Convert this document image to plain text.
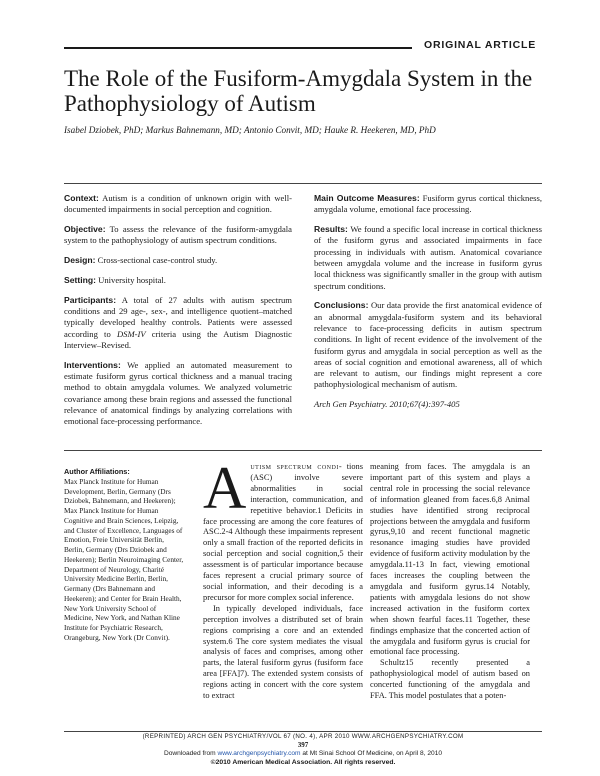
ORIGINAL ARTICLE
The Role of the Fusiform-Amygdala System in the Pathophysiology of Autism
Isabel Dziobek, PhD; Markus Bahnemann, MD; Antonio Convit, MD; Hauke R. Heekeren, MD, PhD

Context: Autism is a condition of unknown origin with well-documented impairments in social perception and cognition.

Objective: To assess the relevance of the fusiform-amygdala system to the pathophysiology of autism spectrum conditions.

Design: Cross-sectional case-control study.

Setting: University hospital.

Participants: A total of 27 adults with autism spectrum conditions and 29 age-, sex-, and intelligence quotient–matched typically developed healthy controls. Patients were assessed according to DSM-IV criteria using the Autism Diagnostic Interview–Revised.

Interventions: We applied an automated measurement to estimate fusiform gyrus cortical thickness and a manual tracing method to obtain amygdala volumes. We analyzed volumetric covariance among these brain regions and assessed the functional relevance of anatomical findings by analyzing correlations with emotional face-processing performance.

Main Outcome Measures: Fusiform gyrus cortical thickness, amygdala volume, emotional face processing.

Results: We found a specific local increase in cortical thickness of the fusiform gyrus and associated impairments in face processing in individuals with autism. Anatomical covariance between amygdala volume and the increase in fusiform gyrus local thickness was significantly smaller in the group with autism spectrum conditions.

Conclusions: Our data provide the first anatomical evidence of an abnormal amygdala-fusiform system and its behavioral relevance to face-processing deficits in autism spectrum conditions. In light of recent evidence of the involvement of the fusiform gyrus and amygdala in social perception as well as the areas of social cognition and emotional awareness, all of which are relevant to autism, our findings might represent a core pathophysiological mechanism of autism.

Arch Gen Psychiatry. 2010;67(4):397-405

Author Affiliations:
Max Planck Institute for Human Development, Berlin, Germany (Drs Dziobek, Bahnemann, and Heekeren); Max Planck Institute for Human Cognitive and Brain Sciences, Leipzig, and Cluster of Excellence, Languages of Emotion, Freie Universität Berlin, Berlin, Germany (Drs Dziobek and Heekeren); Berlin Neuroimaging Center, Department of Neurology, Charité University Medicine Berlin, Berlin, Germany (Drs Bahnemann and Heekeren); and Center for Brain Health, New York University School of Medicine, New York, and Nathan Kline Institute for Psychiatric Research, Orangeburg, New York (Dr Convit).

Autism spectrum condi- tions (ASC) involve severe abnormalities in social interaction, communication, and repetitive behavior.1 Deficits in face processing are among the core features of ASC.2-4 Although these impairments represent only a small fraction of the reported deficits in social perception and social cognition,5 their assessment is of particular importance because faces represent a crucial primary source of social information, and their decoding is a precursor for more complex social inference.

In typically developed individuals, face perception involves a distributed set of brain regions comprising a core and an extended system.6 The core system mediates the visual analysis of faces and comprises, among other parts, the lateral fusiform gyrus (fusiform face area [FFA]7). The extended system consists of regions acting in concert with the core system to extract

meaning from faces. The amygdala is an important part of this system and plays a central role in processing the social relevance of information gleaned from faces.6,8 Animal studies have identified strong reciprocal projections between the amygdala and fusiform gyrus,9,10 and recent functional magnetic resonance imaging studies have provided evidence of fusiform activity modulation by the amygdala.11-13 In fact, viewing emotional faces increases the coupling between the amygdala and fusiform gyrus.14 Notably, patients with amygdala lesions do not show increased activation in the fusiform cortex when shown fearful faces.11 Together, these findings emphasize that the concerted action of the amygdala and fusiform gyrus is crucial for emotional face processing.

Schultz15 recently presented a pathophysiological model of autism based on concerted functioning of the amygdala and FFA. This model postulates that a poten-

(REPRINTED) ARCH GEN PSYCHIATRY/VOL 67 (NO. 4), APR 2010 WWW.ARCHGENPSYCHIATRY.COM
397
Downloaded from www.archgenpsychiatry.com at Mt Sinai School Of Medicine, on April 8, 2010
©2010 American Medical Association. All rights reserved.
